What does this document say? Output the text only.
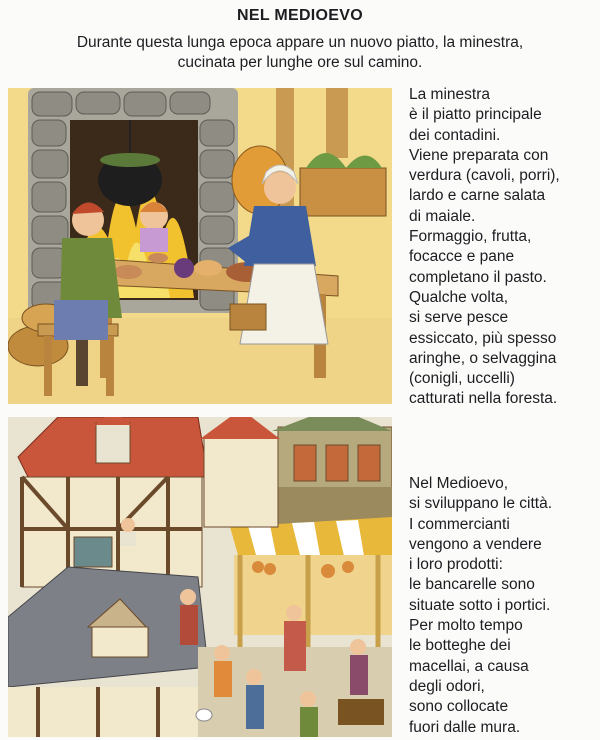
NEL MEDIOEVO
Durante questa lunga epoca appare un nuovo piatto, la minestra,
cucinata per lunghe ore sul camino.
La minestra
è il piatto principale
dei contadini.
Viene preparata con
verdura (cavoli, porri),
lardo e carne salata
di maiale.
Formaggio, frutta,
focacce e pane
completano il pasto.
Qualche volta,
si serve pesce
essiccato, più spesso
aringhe, o selvaggina
(conigli, uccelli)
catturati nella foresta.
Nel Medioevo,
si sviluppano le città.
I commercianti
vengono a vendere
i loro prodotti:
le bancarelle sono
situate sotto i portici.
Per molto tempo
le botteghe dei
macellai, a causa
degli odori,
sono collocate
fuori dalle mura.
